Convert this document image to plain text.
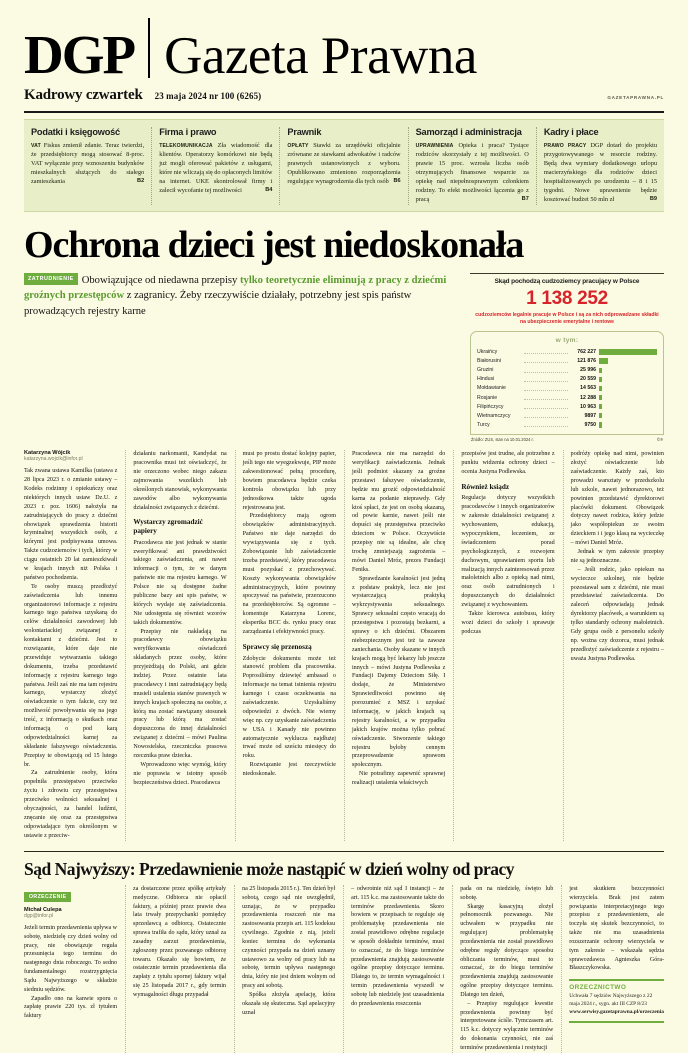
DGP Gazeta Prawna
Kadrowy czwartek 23 maja 2024 nr 100 (6265)	GAZETAPRAWNA.PL
Podatki i księgowość

VAT Fiskus zmienił zdanie. Teraz twierdzi, że przedsiębiorcy mogą stosować 8-proc. VAT wyłącznie przy wznoszeniu budynków mieszkalnych służących do stałego zamieszkania	B2

Firma i prawo

TELEKOMUNIKACJA Zła wiadomość dla klientów. Operatorzy komórkowi nie będą już mogli oferować pakietów z usługami, które nie wliczają się do opłaconych limitów na internet. UKE skontrolował firmy i zalecił wycofanie tej możliwości	B4

Prawnik

OPŁATY Stawki za urzędówki oficjalnie zrównane ze stawkami adwokatów i radców prawnych ustanowionych z wyboru. Opublikowano zmieniono rozporządzenia regulujące wynagrodzenia dla tych osób B6

Samorząd i administracja

UPRAWNIENIA Opieka i praca? Tysiące rodziców skorzystały z tej możliwości. O prawie 15 proc. wzrosła liczba osób otrzymujących finansowe wsparcie za opiekę nad niepełnosprawnym członkiem rodziny. To efekt możliwości łączenia go z pracą	B7

Kadry i płace

PRAWO PRACY DGP dotarł do projektu przygotowywanego w resorcie rodziny. Będą dwa wymiary dodatkowego urlopu macierzyńskiego dla rodziców dzieci hospitalizowanych po urodzeniu – 8 i 15 tygodni. Nowe uprawnienie będzie kosztować budżet 50 mln zł	B9

Ochrona dzieci jest niedoskonała
ZATRUDNIENIE Obowiązujące od niedawna przepisy tylko teoretycznie eliminują z pracy z dziećmi groźnych przestępców z zagranicy. Żeby rzeczywiście działały, potrzebny jest spis państw prowadzących rejestry karne
Skąd pochodzą cudzoziemcy pracujący w Polsce
1 138 252
cudzoziemców legalnie pracuje w Polsce i są za nich odprowadzane składki na ubezpieczenie emerytalne i rentowe
w tym:
Ukraińcy	762 227
Białorusini	121 876
Gruzini	25 996
Hindusi	20 559
Mołdawianie	14 563
Rosjanie	12 288
Filipińczycy	10 963
Wietnamczycy	9897
Turcy	9750
Źródło: ZUS, stan na 10.01.2024 r.	©℗
Katarzyna Wójcik
katarzyna.wojcik@infor.pl

Tak zwana ustawa Kamilka (ustawa z 28 lipca 2023 r. o zmianie ustawy – Kodeks rodzinny i opiekuńczy oraz niektórych innych ustaw Dz.U. z 2023 r. poz. 1606) nałożyła na zatrudniających do pracy z dziećmi obowiązek sprawdzenia historii kryminalnej wszystkich osób, z którymi jest podpisywana umowa. Także cudzoziemców i tych, którzy w ciągu ostatnich 20 lat zamieszkiwali w krajach innych niż Polska i państwo pochodzenia.

Te osoby muszą przedłożyć zaświadczenia lub innemu organizatorowi informacje z rejestru karnego tego państwa uzyskaną do celów działalności zawodowej lub wolontariackiej związanej z kontaktami z dziećmi. Jest to rozwiązanie, które daje nie przewiduje wytwarzania takiego dokumentu, trzeba przedstawić informację z rejestru karnego tego państwa. Jeśli zaś nie ma tam rejestru karnego, wystarczy złożyć oświadczenie o tym fakcie, czy też możliwość powoływania się na jego treść, z informacją o skutkach oraz informacją o pod karą odpowiedzialności karnej za składanie fałszywego oświadczenia. Przepisy te obowiązują od 15 lutego br.

Za zatrudnienie osoby, która popełniła przestępstwo przeciwko życiu i zdrowiu czy przestępstwa przeciwko wolności seksualnej i obyczajności, za handel ludźmi, znęcanie się oraz za przestępstwa odpowiadające tym określonym w ustawie z przeciw-

działaniu narkomanii, Kandydat na pracownika musi też oświadczyć, że nie orzeczono wobec niego zakazu zajmowania wszelkich lub określonych stanowisk, wykonywania zawodów albo wykonywania działalności związanych z dziećmi.

Wystarczy zgromadzić papiery

Pracodawca nie jest jednak w stanie zweryfikować ani prawdziwości takiego zaświadczenia, ani nawet informacji o tym, że w danym państwie nie ma rejestru karnego. W Polsce nie są dostępne żadne publiczne bazy ani spis państw, w których wydaje się zaświadczenia. Nie udostępnia się również wzorów takich dokumentów.

Przepisy nie nakładają na pracodawcy obowiązku weryfikowania oświadczeń składanych przez osoby, które przyjeżdżają do Polski, ani gdzie indziej. Przez ostatnie lata pracodawcy i inni zatrudniający będą musieli ustalenia stanów prawnych w innych krajach społeczną na osobie, z którą ma zostać nawiązany stosunek pracy lub którą ma zostać dopuszczona do innej działalności związanej z dziećmi – mówi Paulina Nowosielska, rzeczniczka prasowa rzecznika praw dziecka.

Wprowadzono więc wymóg, który nie poprawia w istotny sposób bezpieczeństwa dzieci. Pracodawca

musi po prostu dostać kolejny papier, jeśli tego nie wyegzekwuje, PIP może zakwestionować pełną procedurę, bowiem pracodawca będzie czeka kontrola obowiązku lub przy jednostkowa także ugoda rejestrowana jest.

Przedsiębiorcy mają ogrom obowiązków administracyjnych. Państwo nie daje narzędzi do wywiązywania się z tych. Zobowiązanie lub zaświadczenie trzeba przedstawić, który pracodawca musi pozyskać z przechowywać. Koszty wykonywania obowiązków administracyjnych, które powinny spoczywać na państwie, przerzucono na przedsiębiorców. Są ogromne – komentuje Katarzyna Lorenc, ekspertka BCC ds. rynku pracy oraz zarządzania i efektywności pracy.

Sprawcy się przenoszą

Zdobycie dokumentu może też stanowić problem dla pracownika. Poprosiliśmy dziewięć ambasad o informacje na temat istnienia rejestru karnego i czasu oczekiwania na zaświadczenie. Uzyskaliśmy odpowiedzi z dwóch. Nie wiemy więc np. czy uzyskanie zaświadczenia w USA i Kanady nie powinno automatycznie wyklucza najdłużej trwać może od sześciu miesięcy do roku.

Rozwiązanie jest rzeczywiście niedoskonałe.

Pracodawca nie ma narzędzi do weryfikacji zaświadczenia. Jednak jeśli podmiot skazany za groźne przestawi fałszywe oświadczenie, będzie mu grozić odpowiedzialność karna za podanie nieprawdy. Gdy ktoś spłaci, że jest on osobą skazaną, od powie karnie, nawet jeśli nie dopuści się przestępstwa przeciwko dzieciom w Polsce. Oczywiście przepisy nie są idealne, ale chcę trochę zmniejszają zagrożenia – mówi Daniel Mróz, prezes Fundacji Feniks.

Sprawdzanie karalności jest jedną z podstaw praktyk, lecz nie jest wystarczającą praktyką wykrzystywania seksualnego. Sprawcy sekusalni często wracają do przestępstwa i pozostają bezkarni, a sprawy o ich dziećmi. Obszarem niebezpiecznym jest też ta zawsze zaniechania. Osoby skazane w innych krajach mogą być lekarzy lub jeszcze innych – mówi Justyna Podlewska z Fundacji Dajemy Dzieciom Siłę. I dodaje, że Ministerstwo Sprawiedliwości powinno się porozumieć z MSZ i uzyskać informację, w jakich krajach są rejestry karalności, a w przypadku jakich krajów można tylko pobrać oświadczenie. Stworzenie takiego rejestru byłoby cennym przeprowadzenie sprawom społecznym.

Nie potrafimy zapewnić sprawnej realizacji ustalenia właściwych

przepisów jest trudne, ale potrzebne z punktu widzenia ochrony dzieci – ocenia Justyna Podlewska.

Również ksiądz

Regulacja dotyczy wszystkich pracodawców i innych organizatorów w zakresie działalności związanej z wychowaniem, edukacją, wypoczynkiem, leczeniem, ze świadczeniem porad psychologicznych, z rozwojem duchowym, uprawianiem sportu lub realizacją innych zainteresowań przez małoletnich albo z opieką nad nimi, oraz osób zatrudnionych i dopuszczanych do działalności związanej z wychowaniem.

Także kierowca autobusu, który wozi dzieci do szkoły i sprawuje podczas

podróży opiekę nad nimi, powinien złożyć oświadczenie lub zaświadczenie. Każdy zaś, kto prowadzi warsztaty w przedszkolu lub szkole, nawet jednorazowo, też powinien przedstawić dyrektorowi placówki dokument. Obowiązek dotyczy nawet rodzica, który jedzie jako współopiekun ze swoim dzieckiem i i jego klasą na wycieczkę – mówi Daniel Mróz.

Jednak w tym zakresie przepisy nie są jednoznaczne.

– Jeśli rodzic, jako opiekun na wycieczce szkolnej, nie będzie pozostawał sam z dziećmi, nie musi przedstawiać zaświadczenia. Do zaleceń odpowiadają jednak dyrektorzy placówek, a warunkiem są tylko standardy ochrony małoletnich. Gdy grupa osób z personelu szkoły np. wożna czy dozorca, musi jednak przedłożyć zaświadczenie z rejestru – uważa Justyna Podlewska.

Sąd Najwyższy: Przedawnienie może nastąpić w dzień wolny od pracy
ORZECZENIE
Michał Culepa
dgp@infor.pl

Jeżeli termin przedawnienia upływa w sobotę, niedzielę czy dzień wolny od pracy, nie obowiązuje reguła przesunięcia tego terminu do następnego dnia roboczego. To sedno fundamentalnego rozstrzygnięcia Sądu Najwyższego w składzie siedmiu sędziów.

Zapadło ono na kanwie sporu o zapłatę prawie 220 tys. zł tytułem faktury

za dostarczone przez spółkę artykuły medyczne. Odbiorca nie opłacił faktury, a później przez prawie dwa lata trwały przepychanki pomiędzy sprzedawcą a odbiorcą. Ostatecznie sprawa trafiła do sądu, który uznał za zasadny zarzut przedawnienia, zgłoszony przez pozwanego odbiorcę towaru. Okazało się bowiem, że ostatecznie termin przedawnienia dla zapłaty z tytułu spornej faktury wijał się 25 listopada 2017 r., gdy termin wymagalności długu przypadał

na 25 listopada 2015 r.). Ten dzień był sobotą, czego sąd nie uwzględnił, uznając, że w przypadku przedawnienia roszczeń nie ma zastosowania przepis art. 115 kodeksu cywilnego. Zgodnie z nią, jeżeli koniec terminu do wykonania czynności przypada na dzień uznany ustawowo za wolny od pracy lub na sobotę, termin upływa następnego dnia, który nie jest dniem wolnym od pracy ani sobotą.

Spółka złożyła apelację, która okazała się skuteczna. Sąd apelacyjny uznał

– odwrotnie niż sąd I instancji – że art. 115 k.c. ma zastosowanie także do terminów przedawnienia. Skoro bowiem w przepisach te reguluje się problematykę przedawnienia nie został prawidłowo odrębne regulacje w sposób dokładnie terminów, musi to oznaczać, że do biegu terminów przedawnienia znajdują zastosowanie ogólne przepisy dotyczące terminu. Dlatego to, że termin wymagalności i termin przedawnienia wyszedł w sobotę lub niedzielę jest uzasadnienia do przedawnienia roszczenia

pada on na niedzielę, święto lub sobotę.

Skargę kasacyjną złożył pełnomocnik pozwanego. Nie uchwałem w przypadku nie regulującej problematykę przedawnienia nie został prawidłowo odrębne reguły dotyczące sposobu obliczania terminów, musi to oznaczać, że do biegu terminów przedawnienia znajdują zastosowanie ogólne przepisy dotyczące terminu. Dlatego ten dzień,

– Przepisy regulujące kwestie przedawnienia powinny być interpretowane ściśle. Tymczasem art. 115 k.c. dotyczy wyłącznie terminów do dokonania czynności, nie zaś terminów przedawnienia i restytucji

jest skutkiem bezczynności wierzyciela. Brak jest zatem powiązania interpretacyjnego tego przepisu z przedawnieniem, ale toczyła się skutek bezczynności, to także nie ma uzasadnienia rozszerzanie ochrony wierzyciela w tym zakresie – wskazała sędzia sprawozdawca Agnieszka Góra-Błaszczykowska.

ORZECZNICTWO
Uchwała 7 sędziów Najwyższego z 22 maja 2024 r., sygn. akt III CZP 8/23
www.serwisy.gazetaprawna.pl/orzeczenia
